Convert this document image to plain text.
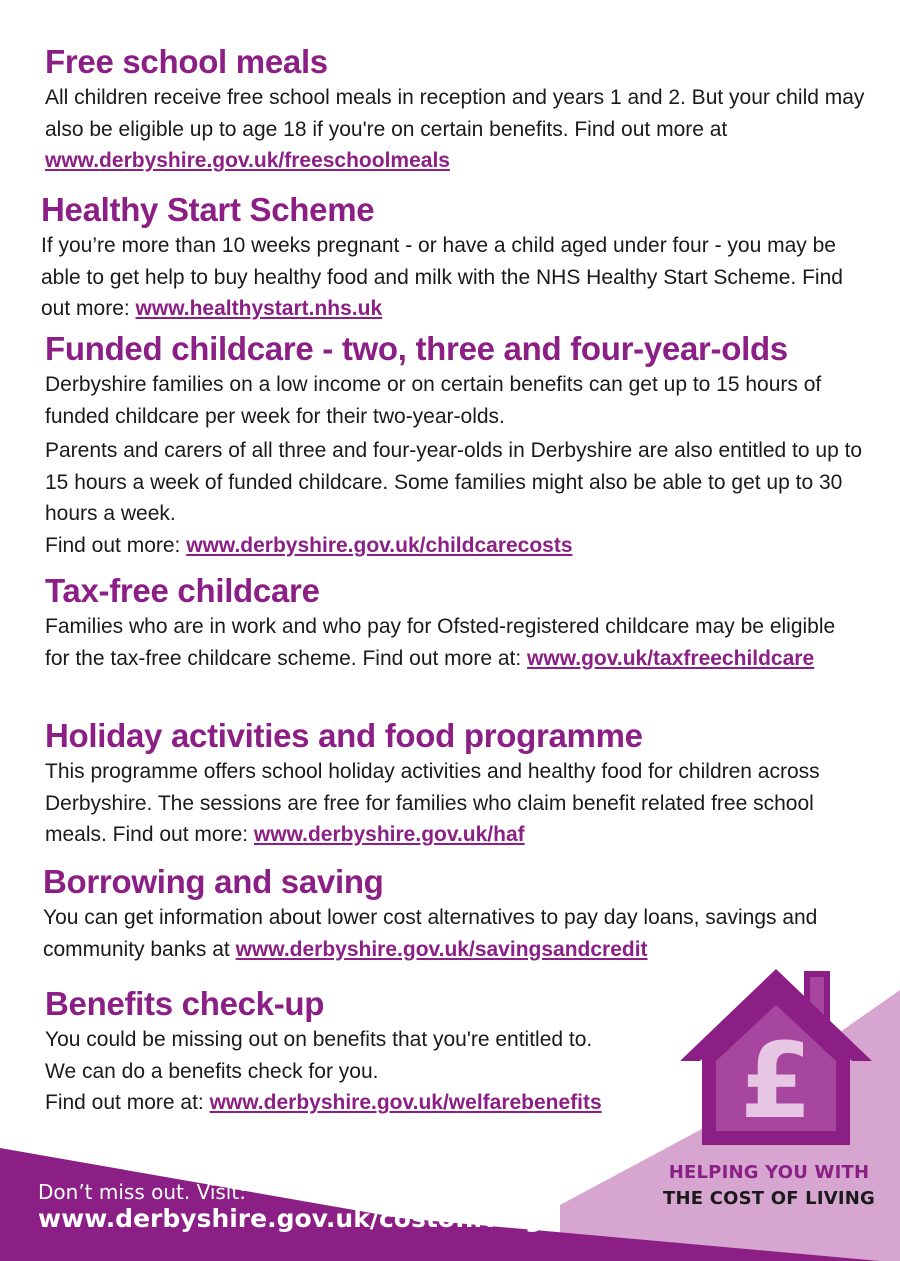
Free school meals

All children receive free school meals in reception and years 1 and 2. But your child may also be eligible up to age 18 if you're on certain benefits. Find out more at www.derbyshire.gov.uk/freeschoolmeals

Healthy Start Scheme

If you’re more than 10 weeks pregnant - or have a child aged under four - you may be able to get help to buy healthy food and milk with the NHS Healthy Start Scheme. Find out more: www.healthystart.nhs.uk

Funded childcare - two, three and four-year-olds

Derbyshire families on a low income or on certain benefits can get up to 15 hours of funded childcare per week for their two-year-olds.

Parents and carers of all three and four-year-olds in Derbyshire are also entitled to up to 15 hours a week of funded childcare. Some families might also be able to get up to 30 hours a week.

Find out more: www.derbyshire.gov.uk/childcarecosts

Tax-free childcare

Families who are in work and who pay for Ofsted-registered childcare may be eligible for the tax-free childcare scheme. Find out more at: www.gov.uk/taxfreechildcare

Holiday activities and food programme

This programme offers school holiday activities and healthy food for children across Derbyshire. The sessions are free for families who claim benefit related free school meals. Find out more: www.derbyshire.gov.uk/haf

Borrowing and saving

You can get information about lower cost alternatives to pay day loans, savings and community banks at www.derbyshire.gov.uk/savingsandcredit

Benefits check-up

You could be missing out on benefits that you're entitled to.

We can do a benefits check for you.

Find out more at: www.derbyshire.gov.uk/welfarebenefits	£
HELPING YOU WITH
THE COST OF LIVING
Don’t miss out. Visit:
www.derbyshire.gov.uk/costofliving
